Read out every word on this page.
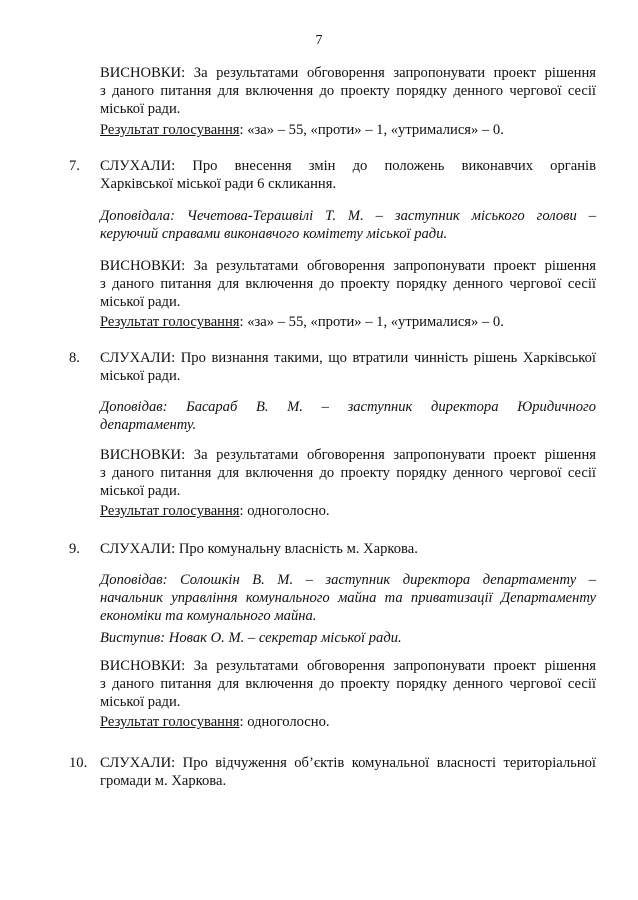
7
ВИСНОВКИ: За результатами обговорення запропонувати проект рішення
з даного питання для включення до проекту порядку денного чергової сесії
міської ради.
Результат голосування: «за» – 55, «проти» – 1, «утрималися» – 0.
7. СЛУХАЛИ: Про внесення змін до положень виконавчих органів
Харківської міської ради 6 скликання.
Доповідала: Чечетова-Терашвілі Т. М. – заступник міського голови –
керуючий справами виконавчого комітету міської ради.
ВИСНОВКИ: За результатами обговорення запропонувати проект рішення
з даного питання для включення до проекту порядку денного чергової сесії
міської ради.
Результат голосування: «за» – 55, «проти» – 1, «утрималися» – 0.
8. СЛУХАЛИ: Про визнання такими, що втратили чинність рішень Харківської
міської ради.
Доповідав: Басараб В. М. – заступник директора Юридичного
департаменту.
ВИСНОВКИ: За результатами обговорення запропонувати проект рішення
з даного питання для включення до проекту порядку денного чергової сесії
міської ради.
Результат голосування: одноголосно.
9. СЛУХАЛИ: Про комунальну власність м. Харкова.
Доповідав: Солошкін В. М. – заступник директора департаменту –
начальник управління комунального майна та приватизації Департаменту
економіки та комунального майна.
Виступив: Новак О. М. – секретар міської ради.
ВИСНОВКИ: За результатами обговорення запропонувати проект рішення
з даного питання для включення до проекту порядку денного чергової сесії
міської ради.
Результат голосування: одноголосно.
10. СЛУХАЛИ: Про відчуження об’єктів комунальної власності територіальної
громади м. Харкова.
